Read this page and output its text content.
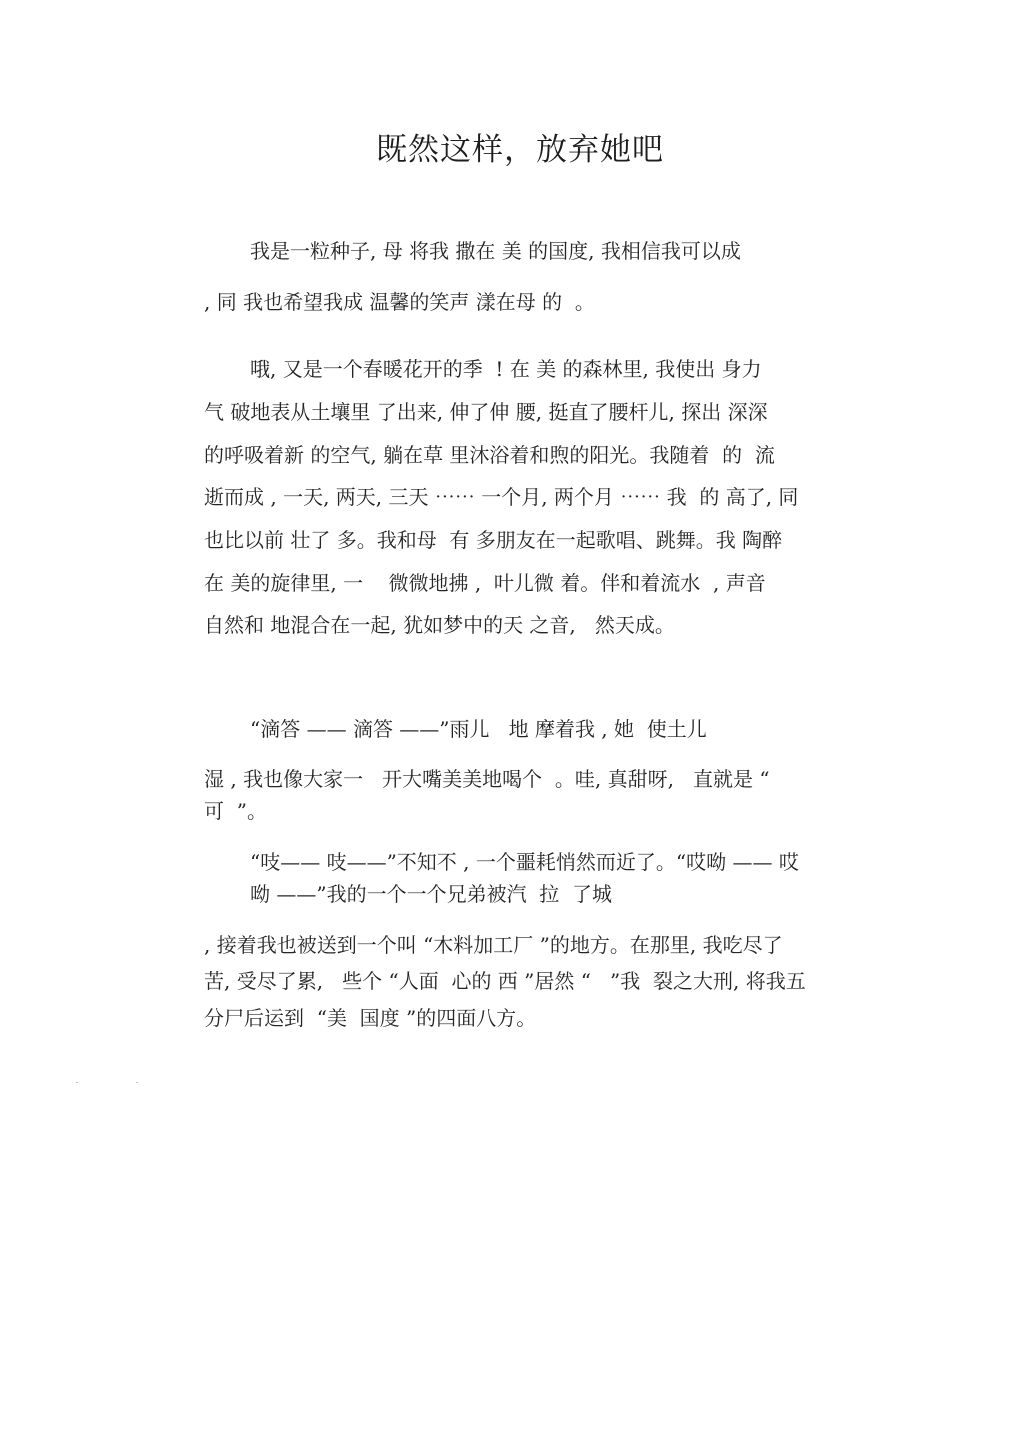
既然这样，放弃她吧

我是一粒种子, 母 将我 撒在 美 的国度, 我相信我可以成

, 同 我也希望我成 温馨的笑声 漾在母 的  。

哦, 又是一个春暖花开的季  ! 在 美 的森林里, 我使出 身力

气 破地表从土壤里 了出来, 伸了伸 腰, 挺直了腰杆儿, 探出 深深

的呼吸着新 的空气, 躺在草 里沐浴着和煦的阳光。我随着  的  流

逝而成 , 一天, 两天, 三天 ⋯⋯ 一个月, 两个月 ⋯⋯ 我  的 高了, 同

也比以前 壮了 多。我和母  有 多朋友在一起歌唱、跳舞。我 陶醉

在 美的旋律里, 一    微微地拂 ,  叶儿微 着。伴和着流水  , 声音

自然和 地混合在一起, 犹如梦中的天 之音,   然天成。

“滴答 —— 滴答 ——”雨儿   地 摩着我 , 她  使土儿

湿 , 我也像大家一   开大嘴美美地喝个  。哇, 真甜呀,   直就是 “

可  ”。

“吱—— 吱——”不知不 , 一个噩耗悄然而近了。“哎呦 —— 哎

呦 ——”我的一个一个兄弟被汽  拉  了城

, 接着我也被送到一个叫 “木料加工厂 ”的地方。在那里, 我吃尽了

苦, 受尽了累,   些个 “人面  心的 西 ”居然 “   ”我  裂之大刑, 将我五

分尸后运到  “美  国度 ”的四面八方。
